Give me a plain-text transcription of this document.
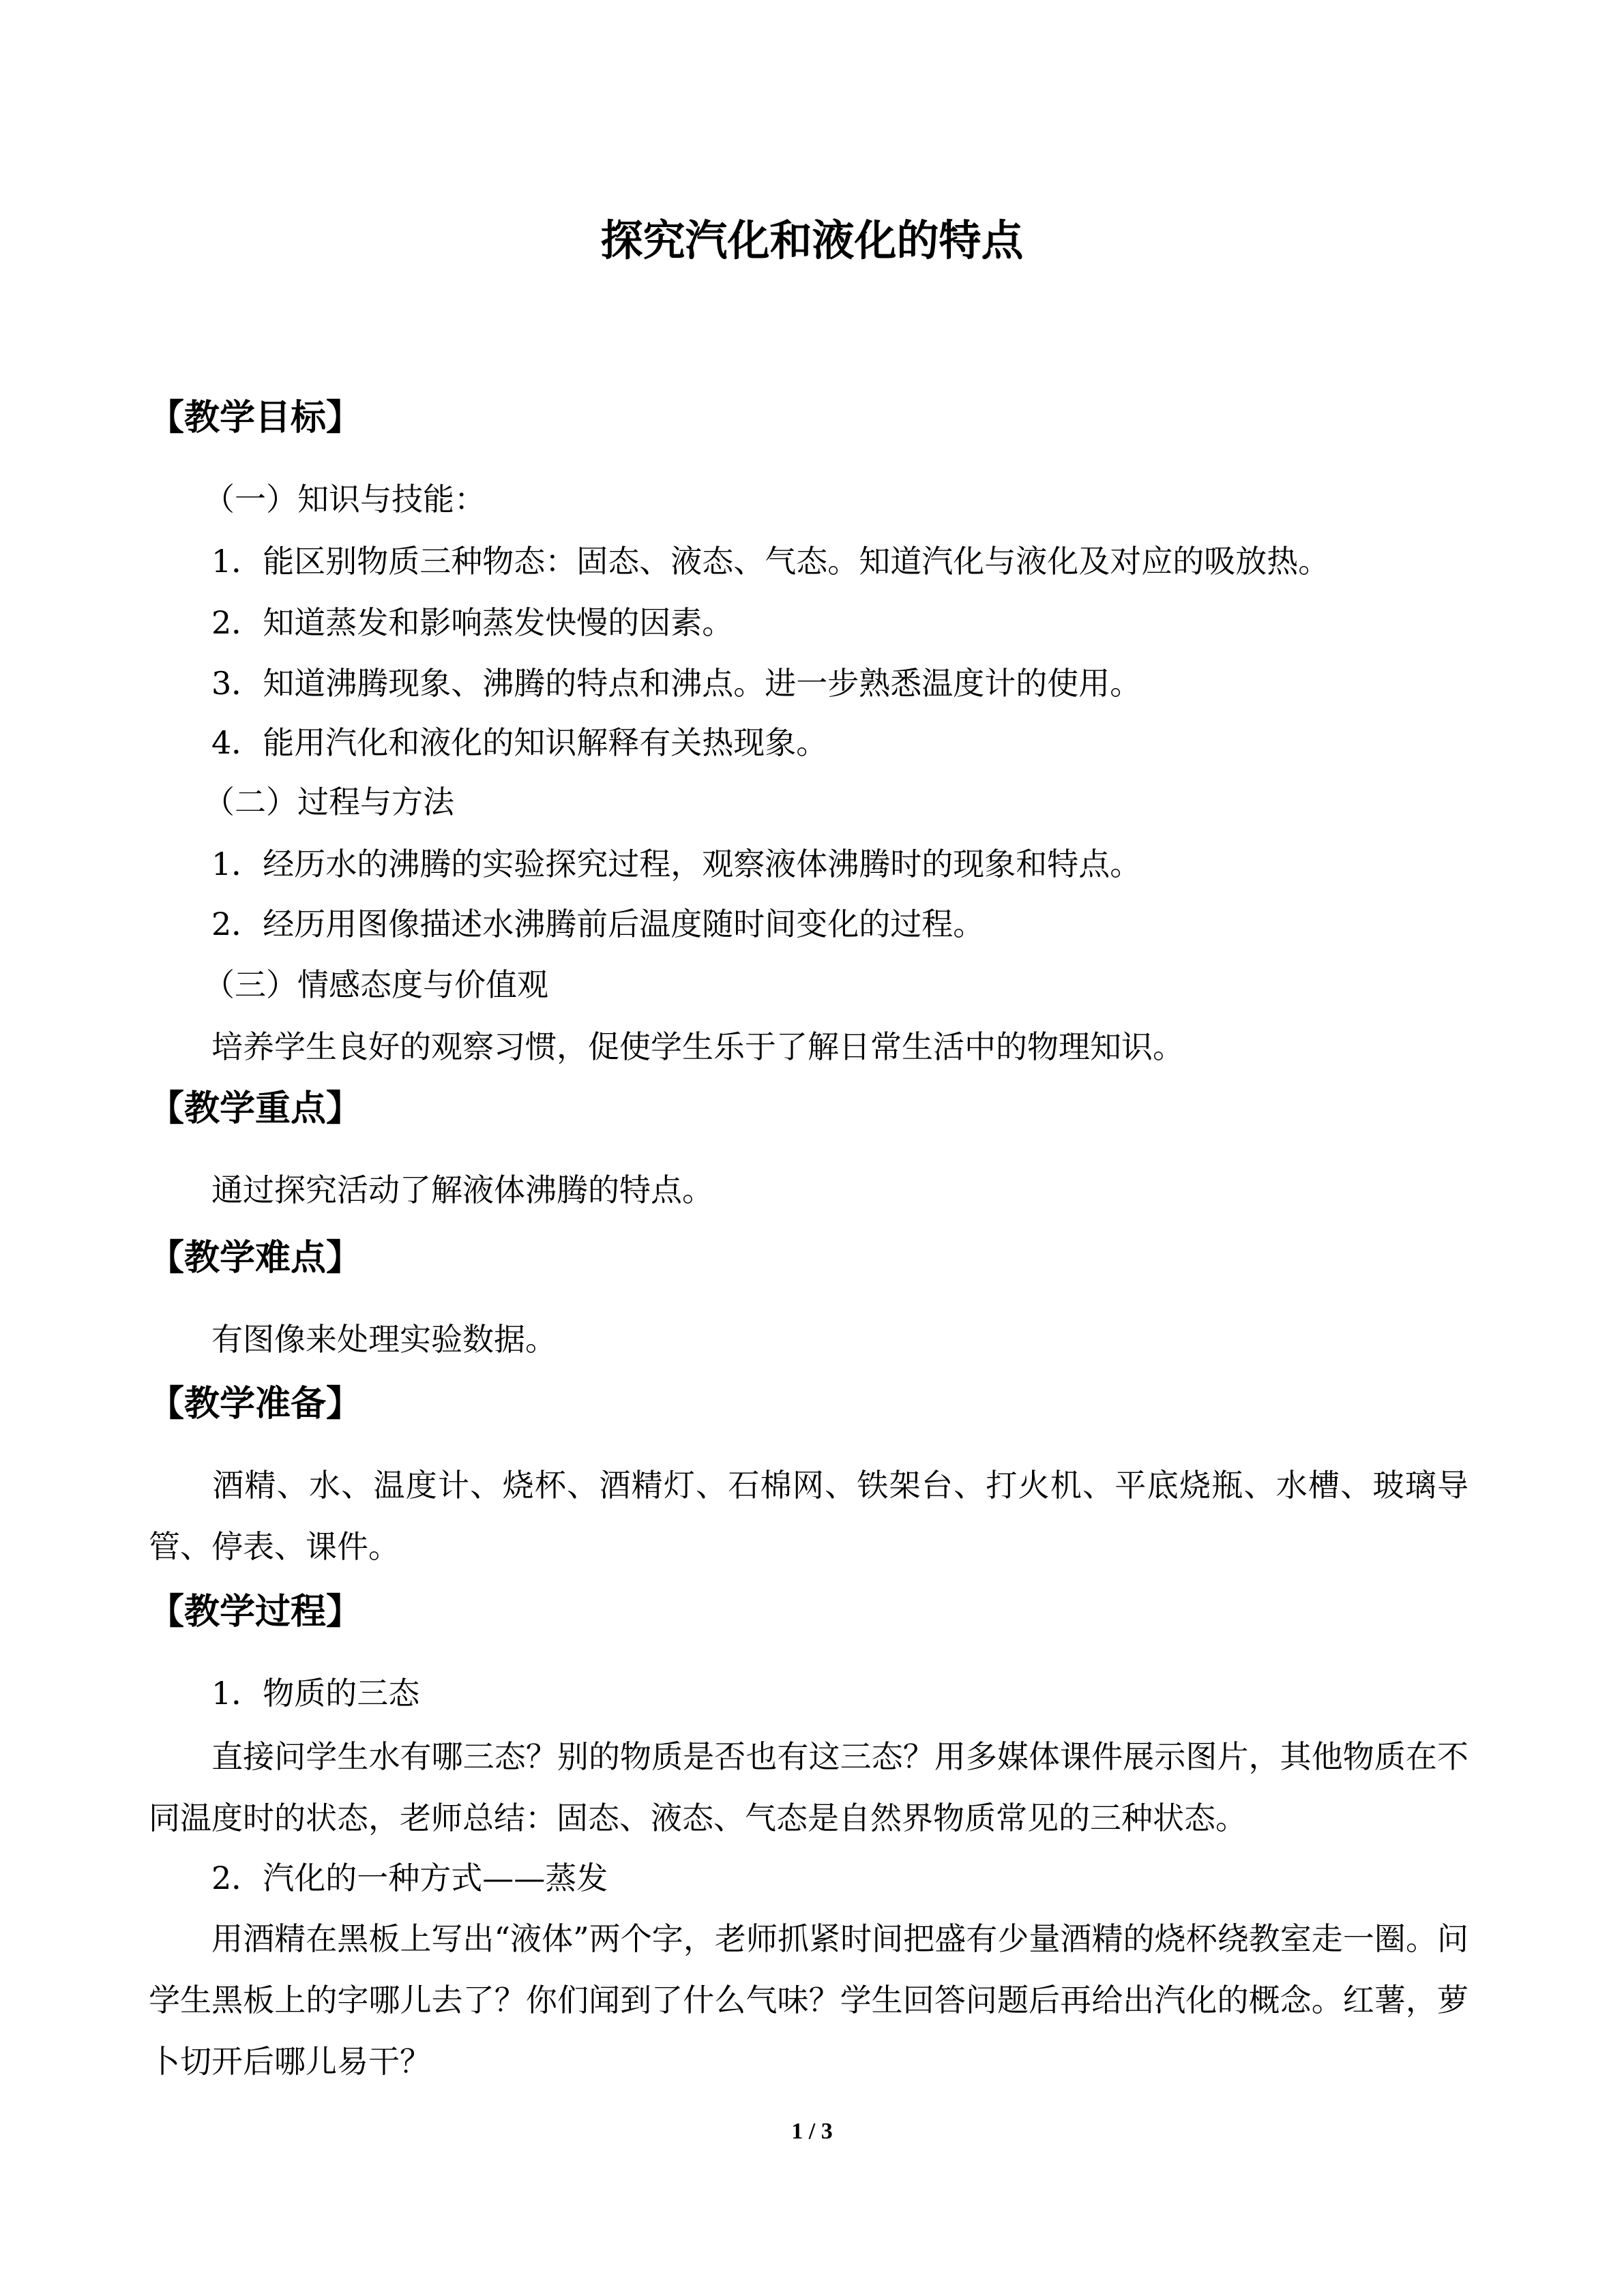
探究汽化和液化的特点
【教学目标】
（一）知识与技能：
1．能区别物质三种物态：固态、液态、气态。知道汽化与液化及对应的吸放热。
2．知道蒸发和影响蒸发快慢的因素。
3．知道沸腾现象、沸腾的特点和沸点。进一步熟悉温度计的使用。
4．能用汽化和液化的知识解释有关热现象。
（二）过程与方法
1．经历水的沸腾的实验探究过程，观察液体沸腾时的现象和特点。
2．经历用图像描述水沸腾前后温度随时间变化的过程。
（三）情感态度与价值观
培养学生良好的观察习惯，促使学生乐于了解日常生活中的物理知识。
【教学重点】
通过探究活动了解液体沸腾的特点。
【教学难点】
有图像来处理实验数据。
【教学准备】
酒精、水、温度计、烧杯、酒精灯、石棉网、铁架台、打火机、平底烧瓶、水槽、玻璃导管、停表、课件。
【教学过程】
1．物质的三态
直接问学生水有哪三态？别的物质是否也有这三态？用多媒体课件展示图片，其他物质在不同温度时的状态，老师总结：固态、液态、气态是自然界物质常见的三种状态。
2．汽化的一种方式——蒸发
用酒精在黑板上写出“液体”两个字，老师抓紧时间把盛有少量酒精的烧杯绕教室走一圈。问学生黑板上的字哪儿去了？你们闻到了什么气味？学生回答问题后再给出汽化的概念。红薯，萝卜切开后哪儿易干？
1 / 3
